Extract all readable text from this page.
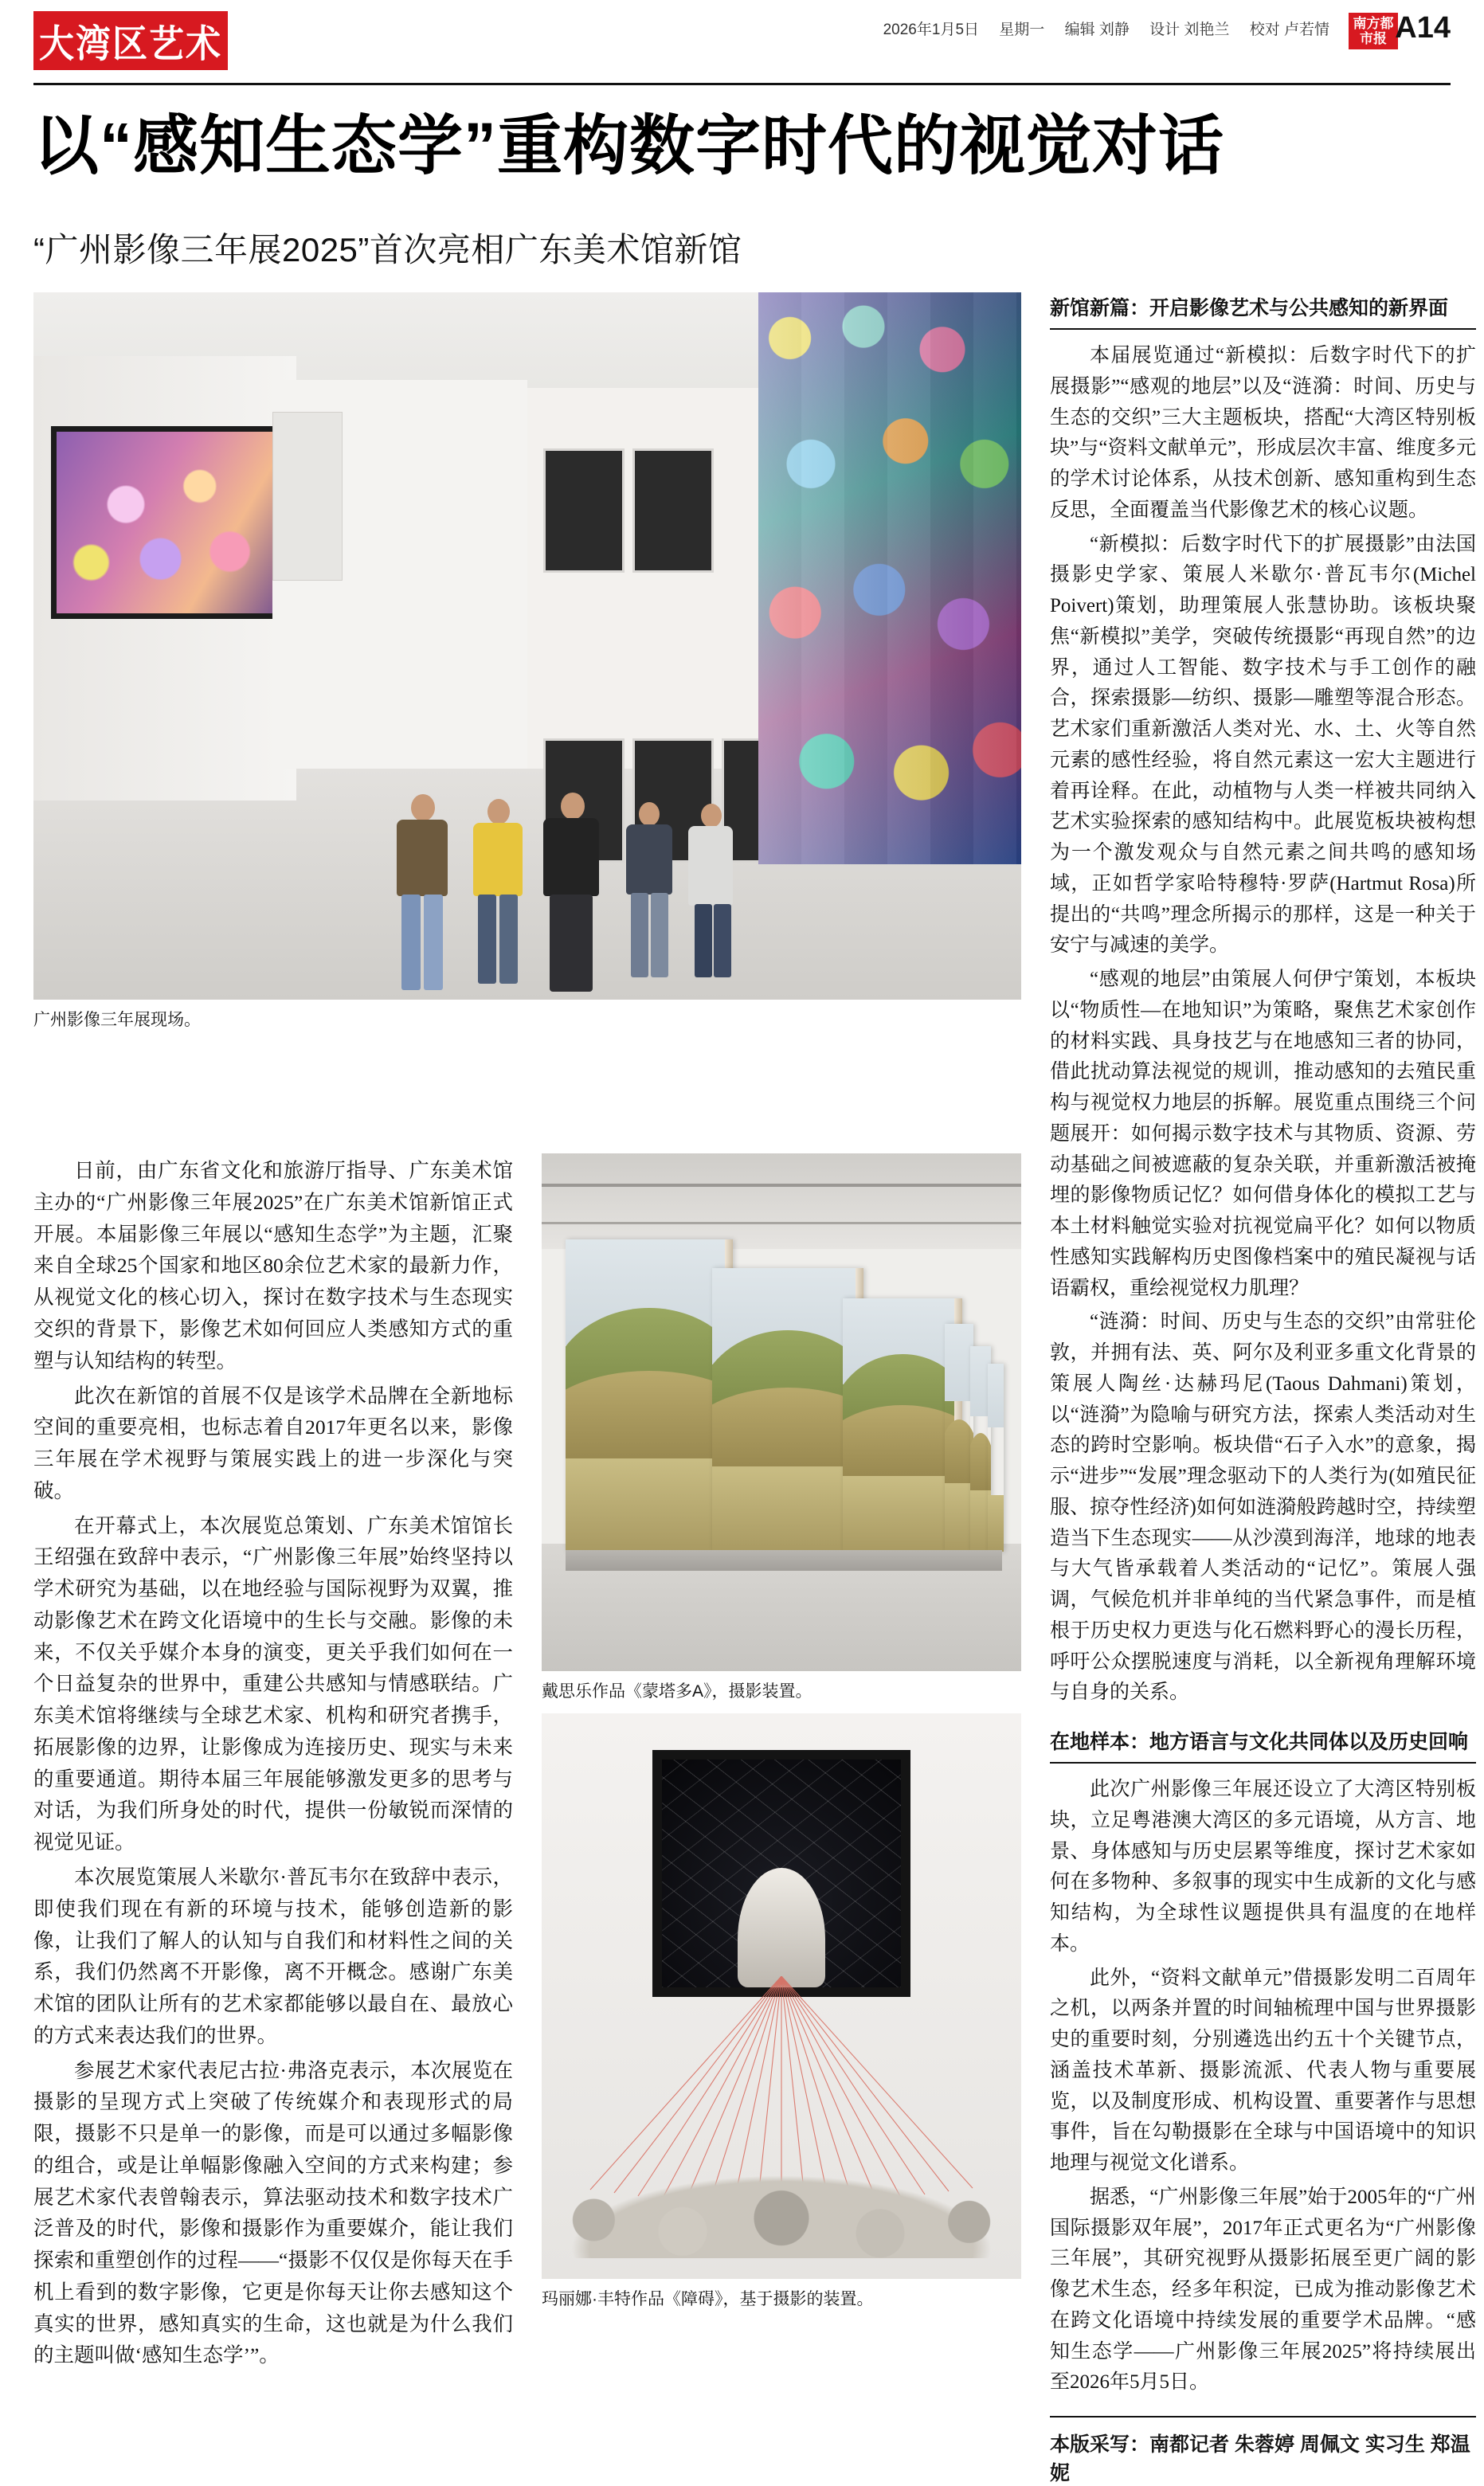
大湾区艺术	2026年1月5日 星期一 编辑 刘静 设计 刘艳兰 校对 卢若情	南方都市报 A14
以“感知生态学”重构数字时代的视觉对话
“广州影像三年展2025”首次亮相广东美术馆新馆
广州影像三年展现场。

日前，由广东省文化和旅游厅指导、广东美术馆主办的“广州影像三年展2025”在广东美术馆新馆正式开展。本届影像三年展以“感知生态学”为主题，汇聚来自全球25个国家和地区80余位艺术家的最新力作，从视觉文化的核心切入，探讨在数字技术与生态现实交织的背景下，影像艺术如何回应人类感知方式的重塑与认知结构的转型。

此次在新馆的首展不仅是该学术品牌在全新地标空间的重要亮相，也标志着自2017年更名以来，影像三年展在学术视野与策展实践上的进一步深化与突破。

在开幕式上，本次展览总策划、广东美术馆馆长王绍强在致辞中表示，“广州影像三年展”始终坚持以学术研究为基础，以在地经验与国际视野为双翼，推动影像艺术在跨文化语境中的生长与交融。影像的未来，不仅关乎媒介本身的演变，更关乎我们如何在一个日益复杂的世界中，重建公共感知与情感联结。广东美术馆将继续与全球艺术家、机构和研究者携手，拓展影像的边界，让影像成为连接历史、现实与未来的重要通道。期待本届三年展能够激发更多的思考与对话，为我们所身处的时代，提供一份敏锐而深情的视觉见证。

本次展览策展人米歇尔·普瓦韦尔在致辞中表示，即使我们现在有新的环境与技术，能够创造新的影像，让我们了解人的认知与自我们和材料性之间的关系，我们仍然离不开影像，离不开概念。感谢广东美术馆的团队让所有的艺术家都能够以最自在、最放心的方式来表达我们的世界。

参展艺术家代表尼古拉·弗洛克表示，本次展览在摄影的呈现方式上突破了传统媒介和表现形式的局限，摄影不只是单一的影像，而是可以通过多幅影像的组合，或是让单幅影像融入空间的方式来构建；参展艺术家代表曾翰表示，算法驱动技术和数字技术广泛普及的时代，影像和摄影作为重要媒介，能让我们探索和重塑创作的过程——“摄影不仅仅是你每天在手机上看到的数字影像，它更是你每天让你去感知这个真实的世界，感知真实的生命，这也就是为什么我们的主题叫做‘感知生态学’”。

戴思乐作品《蒙塔多A》，摄影装置。
玛丽娜·丰特作品《障碍》，基于摄影的装置。
新馆新篇：开启影像艺术与公共感知的新界面

本届展览通过“新模拟：后数字时代下的扩展摄影”“感观的地层”以及“涟漪：时间、历史与生态的交织”三大主题板块，搭配“大湾区特别板块”与“资料文献单元”，形成层次丰富、维度多元的学术讨论体系，从技术创新、感知重构到生态反思，全面覆盖当代影像艺术的核心议题。

“新模拟：后数字时代下的扩展摄影”由法国摄影史学家、策展人米歇尔·普瓦韦尔(Michel Poivert)策划，助理策展人张慧协助。该板块聚焦“新模拟”美学，突破传统摄影“再现自然”的边界，通过人工智能、数字技术与手工创作的融合，探索摄影—纺织、摄影—雕塑等混合形态。艺术家们重新激活人类对光、水、土、火等自然元素的感性经验，将自然元素这一宏大主题进行着再诠释。在此，动植物与人类一样被共同纳入艺术实验探索的感知结构中。此展览板块被构想为一个激发观众与自然元素之间共鸣的感知场域，正如哲学家哈特穆特·罗萨(Hartmut Rosa)所提出的“共鸣”理念所揭示的那样，这是一种关于安宁与减速的美学。

“感观的地层”由策展人何伊宁策划，本板块以“物质性—在地知识”为策略，聚焦艺术家创作的材料实践、具身技艺与在地感知三者的协同，借此扰动算法视觉的规训，推动感知的去殖民重构与视觉权力地层的拆解。展览重点围绕三个问题展开：如何揭示数字技术与其物质、资源、劳动基础之间被遮蔽的复杂关联，并重新激活被掩埋的影像物质记忆？如何借身体化的模拟工艺与本土材料触觉实验对抗视觉扁平化？如何以物质性感知实践解构历史图像档案中的殖民凝视与话语霸权，重绘视觉权力肌理？

“涟漪：时间、历史与生态的交织”由常驻伦敦，并拥有法、英、阿尔及利亚多重文化背景的策展人陶丝·达赫玛尼(Taous Dahmani)策划，以“涟漪”为隐喻与研究方法，探索人类活动对生态的跨时空影响。板块借“石子入水”的意象，揭示“进步”“发展”理念驱动下的人类行为(如殖民征服、掠夺性经济)如何如涟漪般跨越时空，持续塑造当下生态现实——从沙漠到海洋，地球的地表与大气皆承载着人类活动的“记忆”。策展人强调，气候危机并非单纯的当代紧急事件，而是植根于历史权力更迭与化石燃料野心的漫长历程，呼吁公众摆脱速度与消耗，以全新视角理解环境与自身的关系。

在地样本：地方语言与文化共同体以及历史回响

此次广州影像三年展还设立了大湾区特别板块，立足粤港澳大湾区的多元语境，从方言、地景、身体感知与历史层累等维度，探讨艺术家如何在多物种、多叙事的现实中生成新的文化与感知结构，为全球性议题提供具有温度的在地样本。

此外，“资料文献单元”借摄影发明二百周年之机，以两条并置的时间轴梳理中国与世界摄影史的重要时刻，分别遴选出约五十个关键节点，涵盖技术革新、摄影流派、代表人物与重要展览，以及制度形成、机构设置、重要著作与思想事件，旨在勾勒摄影在全球与中国语境中的知识地理与视觉文化谱系。

据悉，“广州影像三年展”始于2005年的“广州国际摄影双年展”，2017年正式更名为“广州影像三年展”，其研究视野从摄影拓展至更广阔的影像艺术生态，经多年积淀，已成为推动影像艺术在跨文化语境中持续发展的重要学术品牌。“感知生态学——广州影像三年展2025”将持续展出至2026年5月5日。

本版采写：南都记者 朱蓉婷 周佩文 实习生 郑温妮
